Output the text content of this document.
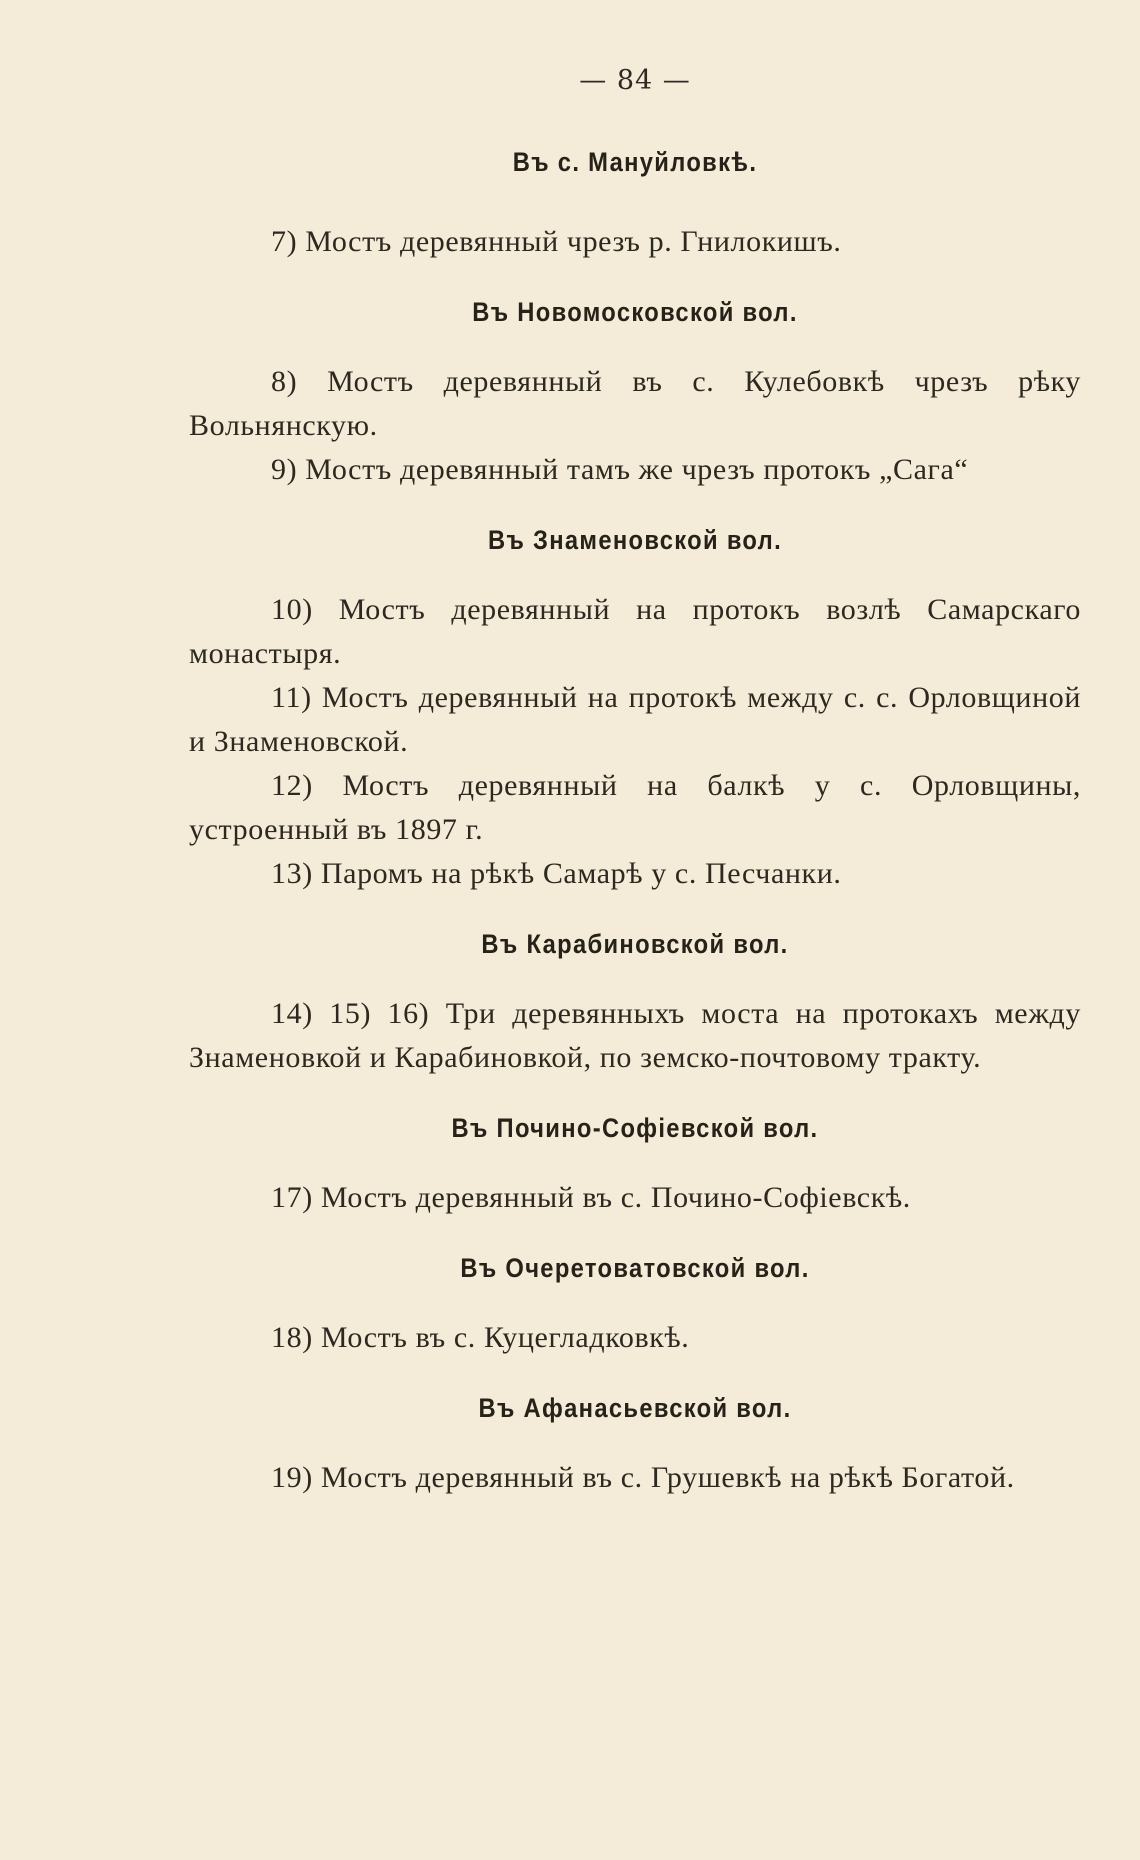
— 84 —
Въ с. Мануйловкѣ.

7) Мостъ деревянный чрезъ р. Гнилокишъ.

Въ Новомосковской вол.

8) Мостъ деревянный въ с. Кулебовкѣ чрезъ рѣку Вольнянскую.

9) Мостъ деревянный тамъ же чрезъ протокъ „Сага“

Въ Знаменовской вол.

10) Мостъ деревянный на протокъ возлѣ Самарскаго монастыря.

11) Мостъ деревянный на протокѣ между с. с. Орловщиной и Знаменовской.

12) Мостъ деревянный на балкѣ у с. Орловщины, устроенный въ 1897 г.

13) Паромъ на рѣкѣ Самарѣ у с. Песчанки.

Въ Карабиновской вол.

14) 15) 16) Три деревянныхъ моста на протокахъ между Знаменовкой и Карабиновкой, по земско-почтовому тракту.

Въ Почино-Софіевской вол.

17) Мостъ деревянный въ с. Почино-Софіевскѣ.

Въ Очеретоватовской вол.

18) Мостъ въ с. Куцегладковкѣ.

Въ Афанасьевской вол.

19) Мостъ деревянный въ с. Грушевкѣ на рѣкѣ Богатой.
